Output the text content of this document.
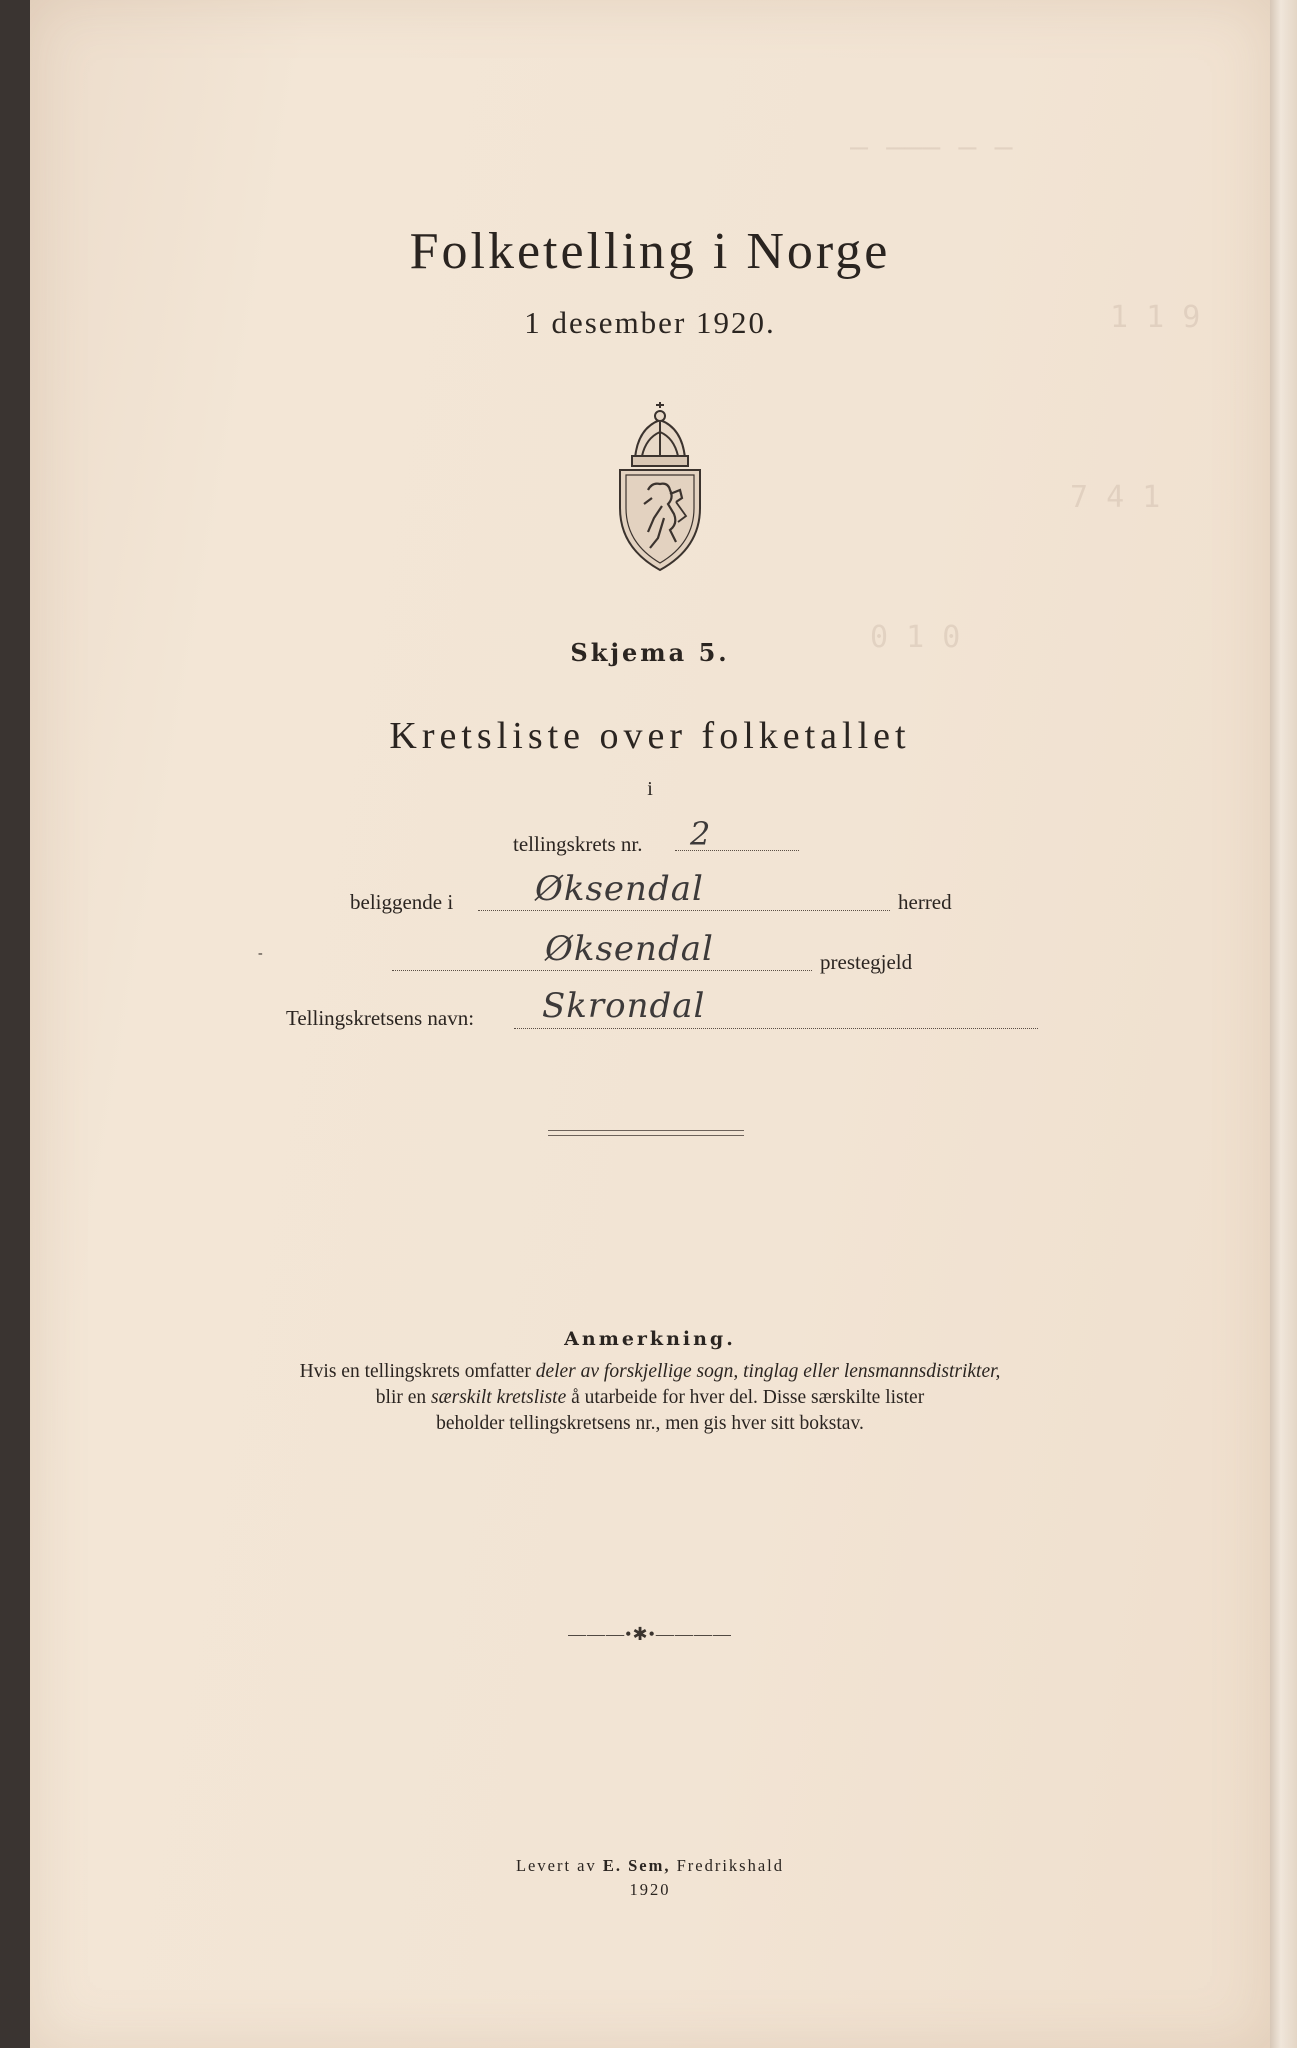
— ——— — —
1 1 9
7 4 1
0 1 0
Folketelling i Norge
1 desember 1920.
Skjema 5.
Kretsliste over folketallet
i
tellingskrets nr. 2
beliggende i Øksendal	herred
-	Øksendal	prestegjeld
Tellingskretsens navn: Skrondal
Anmerkning.
Hvis en tellingskrets omfatter deler av forskjellige sogn, tinglag eller lensmannsdistrikter,
blir en særskilt kretsliste å utarbeide for hver del. Disse særskilte lister
beholder tellingskretsens nr., men gis hver sitt bokstav.
———•✱•————
Levert av E. Sem, Fredrikshald
1920
